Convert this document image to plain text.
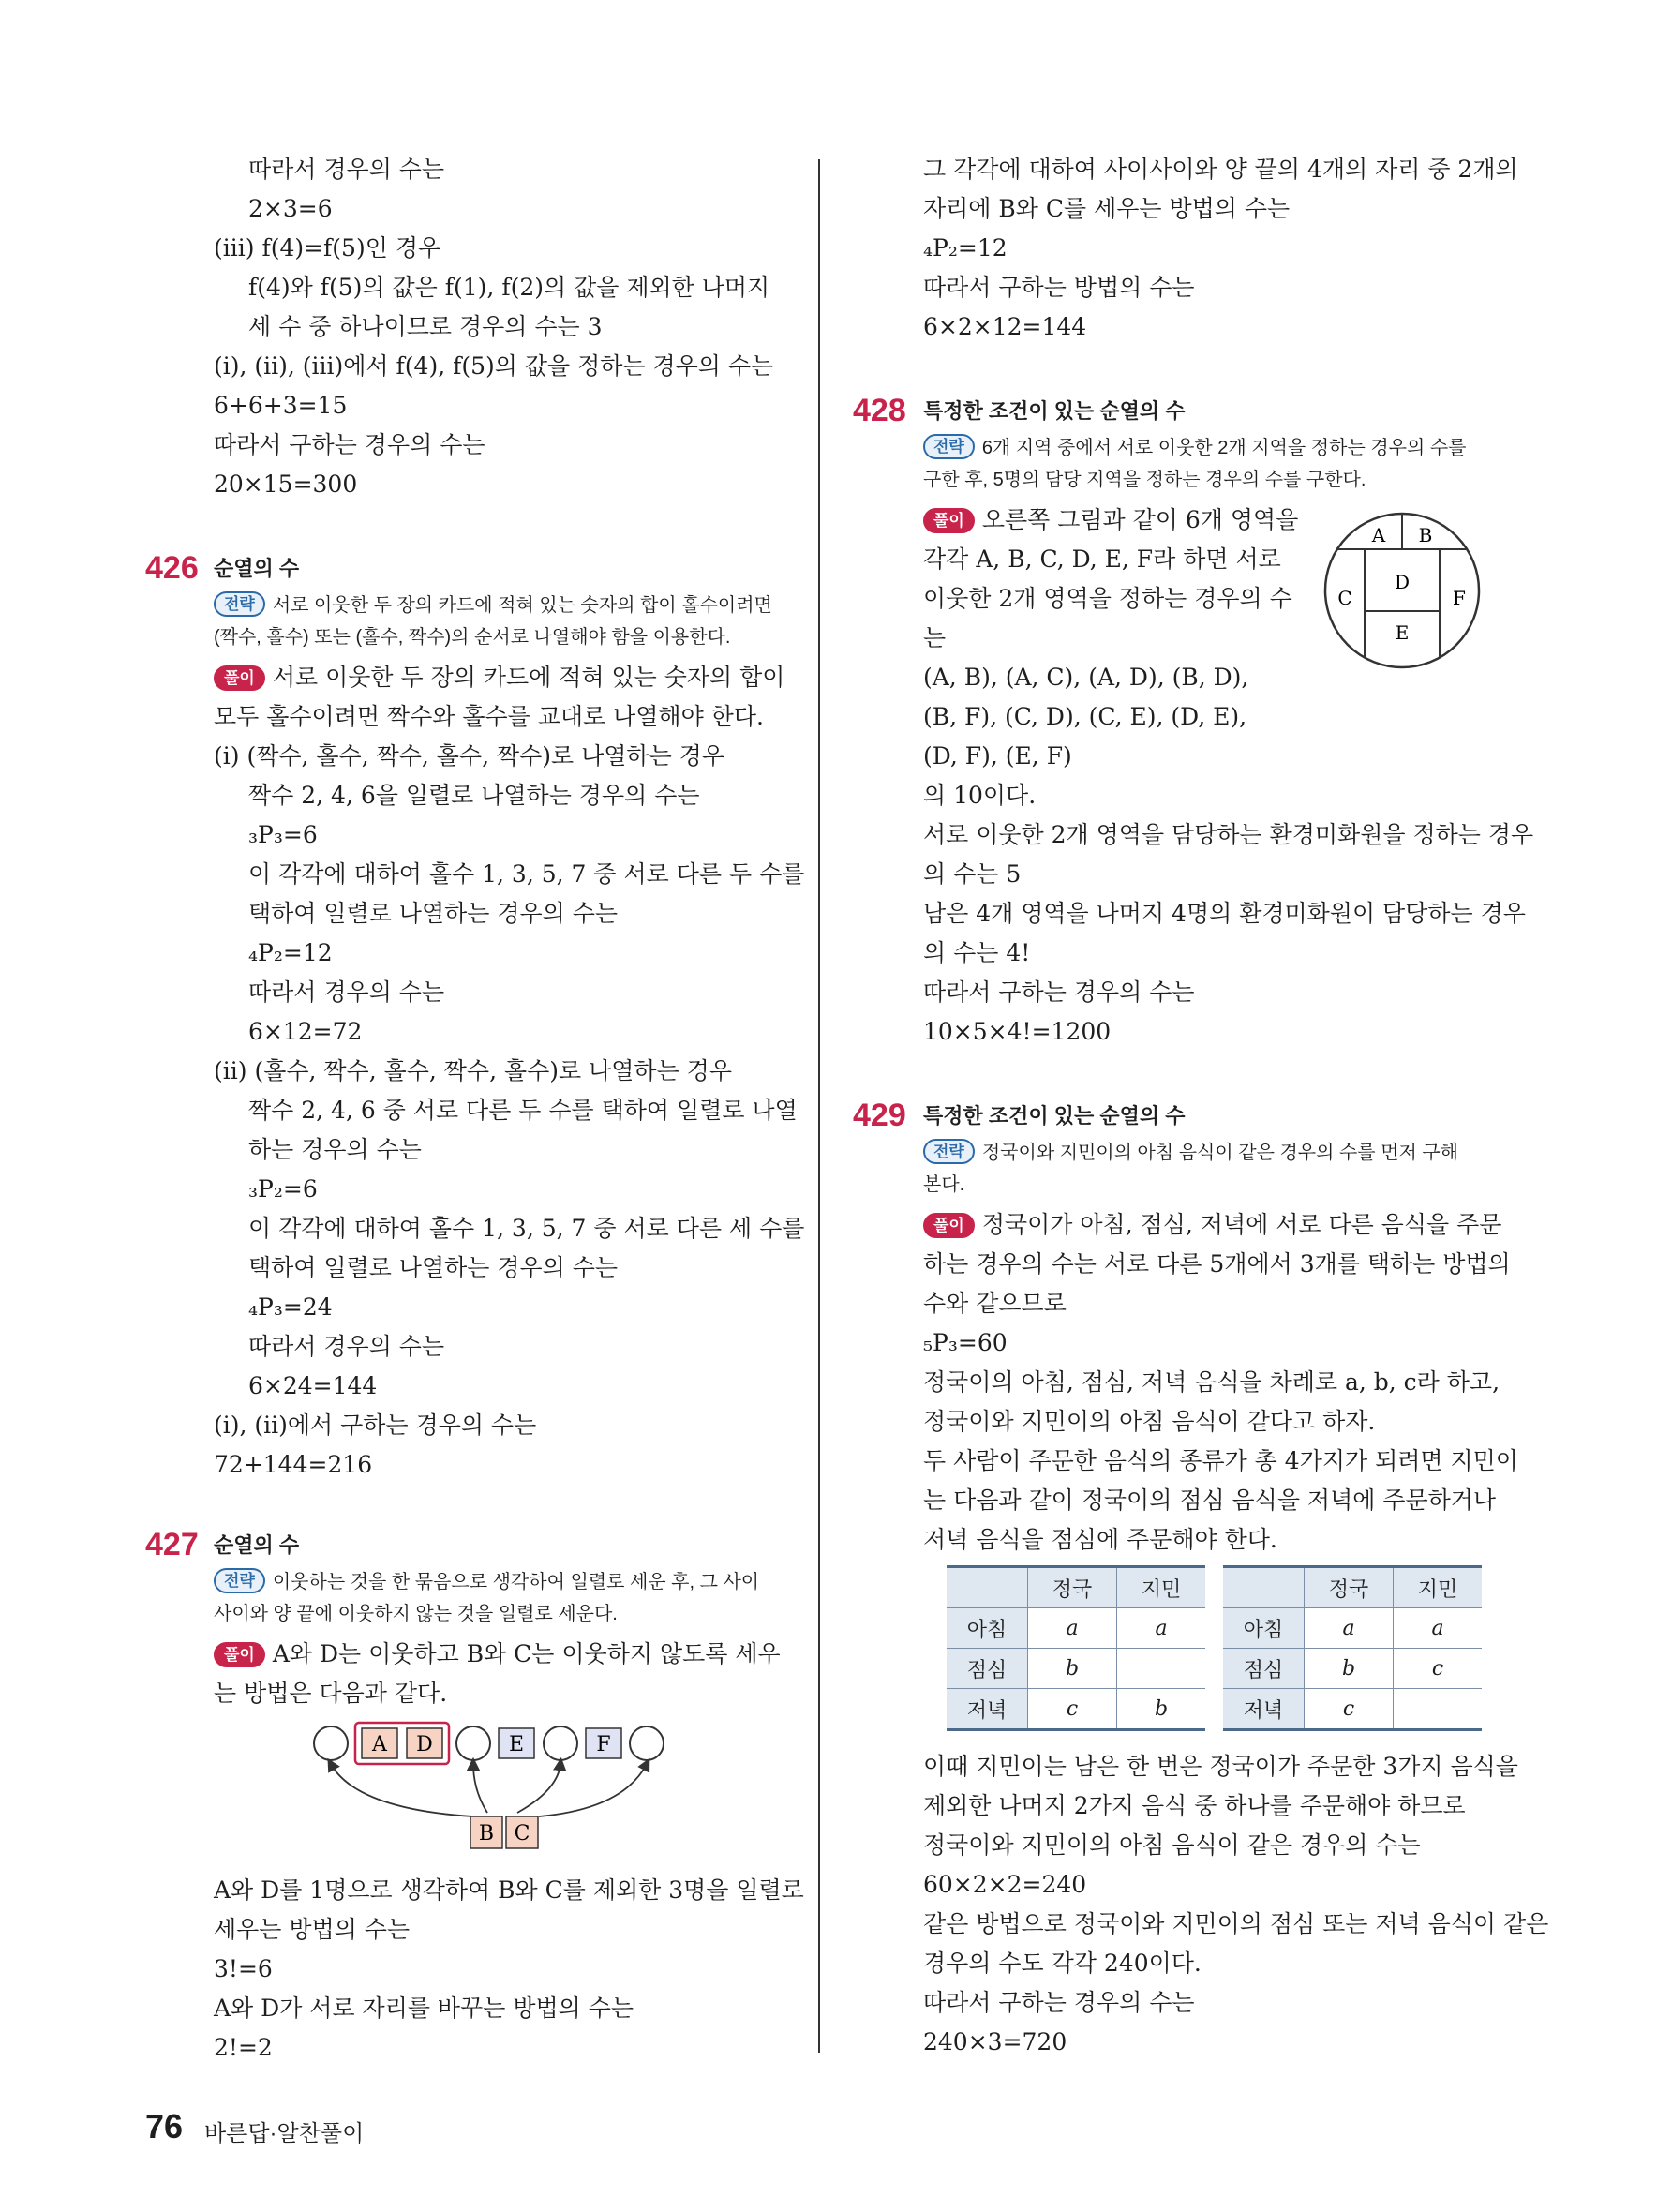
따라서 경우의 수는
2×3=6
(ⅲ) f(4)=f(5)인 경우
f(4)와 f(5)의 값은 f(1), f(2)의 값을 제외한 나머지
세 수 중 하나이므로 경우의 수는 3
(ⅰ), (ⅱ), (ⅲ)에서 f(4), f(5)의 값을 정하는 경우의 수는
6+6+3=15
따라서 구하는 경우의 수는
20×15=300
426 순열의 수
전략 서로 이웃한 두 장의 카드에 적혀 있는 숫자의 합이 홀수이려면
(짝수, 홀수) 또는 (홀수, 짝수)의 순서로 나열해야 함을 이용한다.
풀이 서로 이웃한 두 장의 카드에 적혀 있는 숫자의 합이
모두 홀수이려면 짝수와 홀수를 교대로 나열해야 한다.
(ⅰ) (짝수, 홀수, 짝수, 홀수, 짝수)로 나열하는 경우
짝수 2, 4, 6을 일렬로 나열하는 경우의 수는
₃P₃=6
이 각각에 대하여 홀수 1, 3, 5, 7 중 서로 다른 두 수를
택하여 일렬로 나열하는 경우의 수는
₄P₂=12
따라서 경우의 수는
6×12=72
(ⅱ) (홀수, 짝수, 홀수, 짝수, 홀수)로 나열하는 경우
짝수 2, 4, 6 중 서로 다른 두 수를 택하여 일렬로 나열
하는 경우의 수는
₃P₂=6
이 각각에 대하여 홀수 1, 3, 5, 7 중 서로 다른 세 수를
택하여 일렬로 나열하는 경우의 수는
₄P₃=24
따라서 경우의 수는
6×24=144
(ⅰ), (ⅱ)에서 구하는 경우의 수는
72+144=216
427 순열의 수
전략 이웃하는 것을 한 묶음으로 생각하여 일렬로 세운 후, 그 사이
사이와 양 끝에 이웃하지 않는 것을 일렬로 세운다.
풀이 A와 D는 이웃하고 B와 C는 이웃하지 않도록 세우
는 방법은 다음과 같다.
A D	E	F
B C
A와 D를 1명으로 생각하여 B와 C를 제외한 3명을 일렬로
세우는 방법의 수는
3!=6
A와 D가 서로 자리를 바꾸는 방법의 수는
2!=2
그 각각에 대하여 사이사이와 양 끝의 4개의 자리 중 2개의
자리에 B와 C를 세우는 방법의 수는
₄P₂=12
따라서 구하는 방법의 수는
6×2×12=144
428 특정한 조건이 있는 순열의 수
전략 6개 지역 중에서 서로 이웃한 2개 지역을 정하는 경우의 수를
구한 후, 5명의 담당 지역을 정하는 경우의 수를 구한다.
풀이 오른쪽 그림과 같이 6개 영역을
각각 A, B, C, D, E, F라 하면 서로
이웃한 2개 영역을 정하는 경우의 수
는
(A, B), (A, C), (A, D), (B, D),
(B, F), (C, D), (C, E), (D, E),
(D, F), (E, F)
의 10이다.
서로 이웃한 2개 영역을 담당하는 환경미화원을 정하는 경우
의 수는 5
남은 4개 영역을 나머지 4명의 환경미화원이 담당하는 경우
의 수는 4!
따라서 구하는 경우의 수는
10×5×4!=1200
A B
C
D
E
F
429 특정한 조건이 있는 순열의 수
전략 정국이와 지민이의 아침 음식이 같은 경우의 수를 먼저 구해
본다.
풀이 정국이가 아침, 점심, 저녁에 서로 다른 음식을 주문
하는 경우의 수는 서로 다른 5개에서 3개를 택하는 방법의
수와 같으므로
₅P₃=60
정국이의 아침, 점심, 저녁 음식을 차례로 a, b, c라 하고,
정국이와 지민이의 아침 음식이 같다고 하자.
두 사람이 주문한 음식의 종류가 총 4가지가 되려면 지민이
는 다음과 같이 정국이의 점심 음식을 저녁에 주문하거나
저녁 음식을 점심에 주문해야 한다.
	정국	지민
아침	a	a
점심	b	
저녁	c	b
	정국	지민
아침	a	a
점심	b	c
저녁	c	
이때 지민이는 남은 한 번은 정국이가 주문한 3가지 음식을
제외한 나머지 2가지 음식 중 하나를 주문해야 하므로
정국이와 지민이의 아침 음식이 같은 경우의 수는
60×2×2=240
같은 방법으로 정국이와 지민이의 점심 또는 저녁 음식이 같은
경우의 수도 각각 240이다.
따라서 구하는 경우의 수는
240×3=720
76 바른답·알찬풀이
